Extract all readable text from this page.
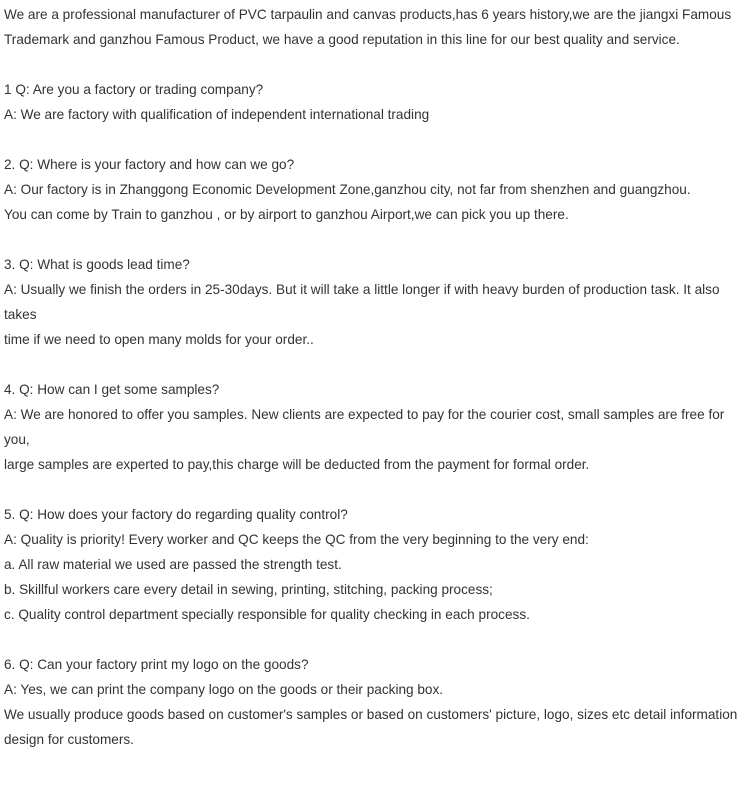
We are a professional manufacturer of PVC tarpaulin and canvas products,has 6 years history,we are the jiangxi Famous
Trademark and ganzhou Famous Product, we have a good reputation in this line for our best quality and service.
1 Q: Are you a factory or trading company?
A: We are factory with qualification of independent international trading
2. Q: Where is your factory and how can we go?
A: Our factory is in Zhanggong Economic Development Zone,ganzhou city, not far from shenzhen and guangzhou.
You can come by Train to ganzhou , or by airport to ganzhou Airport,we can pick you up there.
3. Q: What is goods lead time?
A: Usually we finish the orders in 25-30days. But it will take a little longer if with heavy burden of production task. It also
takes
time if we need to open many molds for your order..
4. Q: How can I get some samples?
A: We are honored to offer you samples. New clients are expected to pay for the courier cost, small samples are free for
you,
large samples are experted to pay,this charge will be deducted from the payment for formal order.
5. Q: How does your factory do regarding quality control?
A: Quality is priority! Every worker and QC keeps the QC from the very beginning to the very end:
a. All raw material we used are passed the strength test.
b. Skillful workers care every detail in sewing, printing, stitching, packing process;
c. Quality control department specially responsible for quality checking in each process.
6. Q: Can your factory print my logo on the goods?
A: Yes, we can print the company logo on the goods or their packing box.
We usually produce goods based on customer's samples or based on customers' picture, logo, sizes etc detail information
design for customers.
